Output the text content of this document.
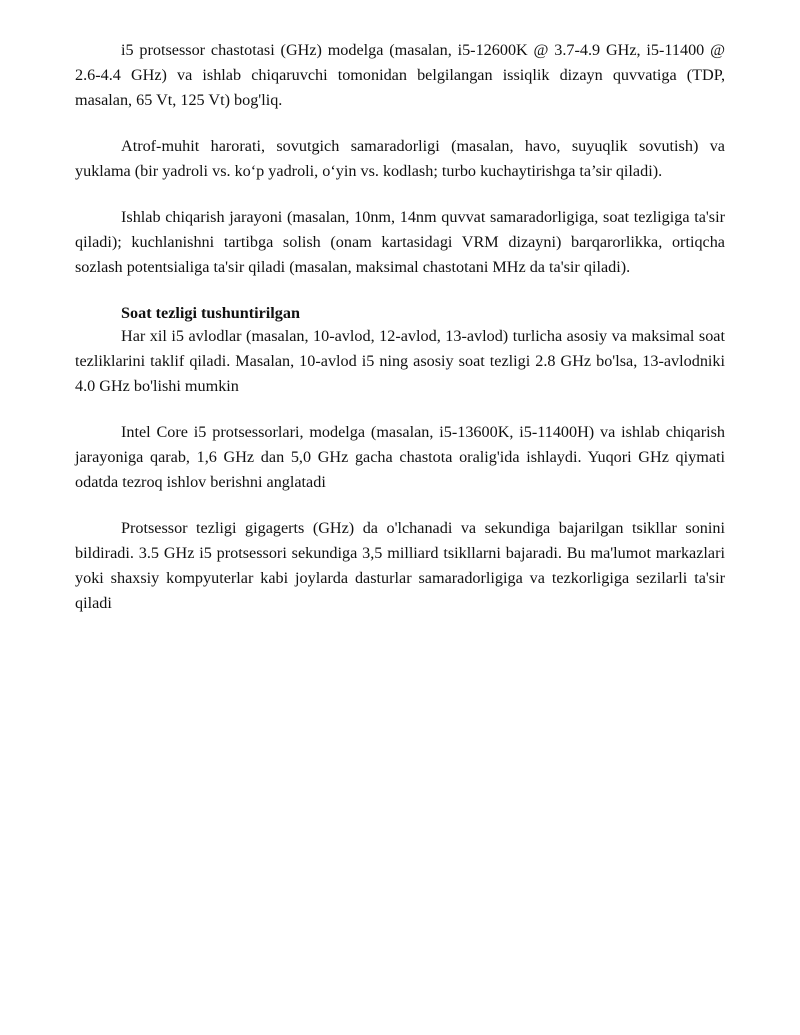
i5 protsessor chastotasi (GHz) modelga (masalan, i5-12600K @ 3.7-4.9 GHz, i5-11400 @ 2.6-4.4 GHz) va ishlab chiqaruvchi tomonidan belgilangan issiqlik dizayn quvvatiga (TDP, masalan, 65 Vt, 125 Vt) bog'liq.

Atrof-muhit harorati, sovutgich samaradorligi (masalan, havo, suyuqlik sovutish) va yuklama (bir yadroli vs. ko‘p yadroli, o‘yin vs. kodlash; turbo kuchaytirishga ta’sir qiladi).

Ishlab chiqarish jarayoni (masalan, 10nm, 14nm quvvat samaradorligiga, soat tezligiga ta'sir qiladi); kuchlanishni tartibga solish (onam kartasidagi VRM dizayni) barqarorlikka, ortiqcha sozlash potentsialiga ta'sir qiladi (masalan, maksimal chastotani MHz da ta'sir qiladi).

Soat tezligi tushuntirilgan

Har xil i5 avlodlar (masalan, 10-avlod, 12-avlod, 13-avlod) turlicha asosiy va maksimal soat tezliklarini taklif qiladi. Masalan, 10-avlod i5 ning asosiy soat tezligi 2.8 GHz bo'lsa, 13-avlodniki 4.0 GHz bo'lishi mumkin

Intel Core i5 protsessorlari, modelga (masalan, i5-13600K, i5-11400H) va ishlab chiqarish jarayoniga qarab, 1,6 GHz dan 5,0 GHz gacha chastota oralig'ida ishlaydi. Yuqori GHz qiymati odatda tezroq ishlov berishni anglatadi

Protsessor tezligi gigagerts (GHz) da o'lchanadi va sekundiga bajarilgan tsikllar sonini bildiradi. 3.5 GHz i5 protsessori sekundiga 3,5 milliard tsikllarni bajaradi. Bu ma'lumot markazlari yoki shaxsiy kompyuterlar kabi joylarda dasturlar samaradorligiga va tezkorligiga sezilarli ta'sir qiladi
